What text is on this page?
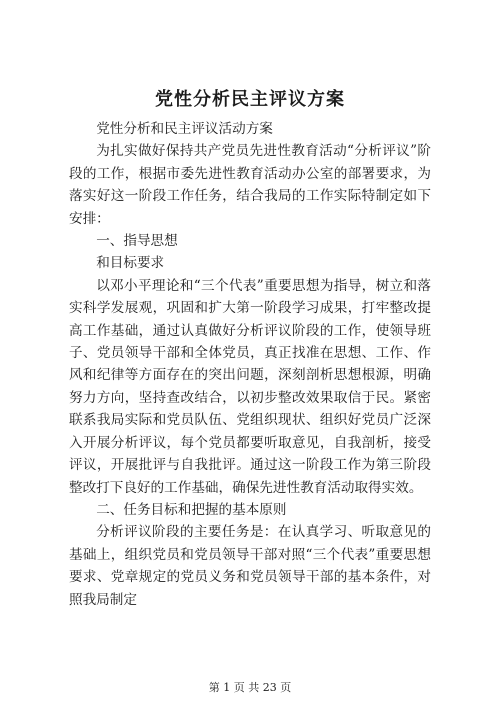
党性分析民主评议方案

党性分析和民主评议活动方案

为扎实做好保持共产党员先进性教育活动“分析评议”阶段的工作，根据市委先进性教育活动办公室的部署要求，为落实好这一阶段工作任务，结合我局的工作实际特制定如下安排：

一、指导思想

和目标要求

以邓小平理论和“三个代表”重要思想为指导，树立和落实科学发展观，巩固和扩大第一阶段学习成果，打牢整改提高工作基础，通过认真做好分析评议阶段的工作，使领导班子、党员领导干部和全体党员，真正找准在思想、工作、作风和纪律等方面存在的突出问题，深刻剖析思想根源，明确努力方向，坚持查改结合，以初步整改效果取信于民。紧密联系我局实际和党员队伍、党组织现状、组织好党员广泛深入开展分析评议，每个党员都要听取意见，自我剖析，接受评议，开展批评与自我批评。通过这一阶段工作为第三阶段整改打下良好的工作基础，确保先进性教育活动取得实效。

二、任务目标和把握的基本原则

分析评议阶段的主要任务是：在认真学习、听取意见的基础上，组织党员和党员领导干部对照“三个代表”重要思想要求、党章规定的党员义务和党员领导干部的基本条件，对照我局制定

第 1 页 共 23 页
